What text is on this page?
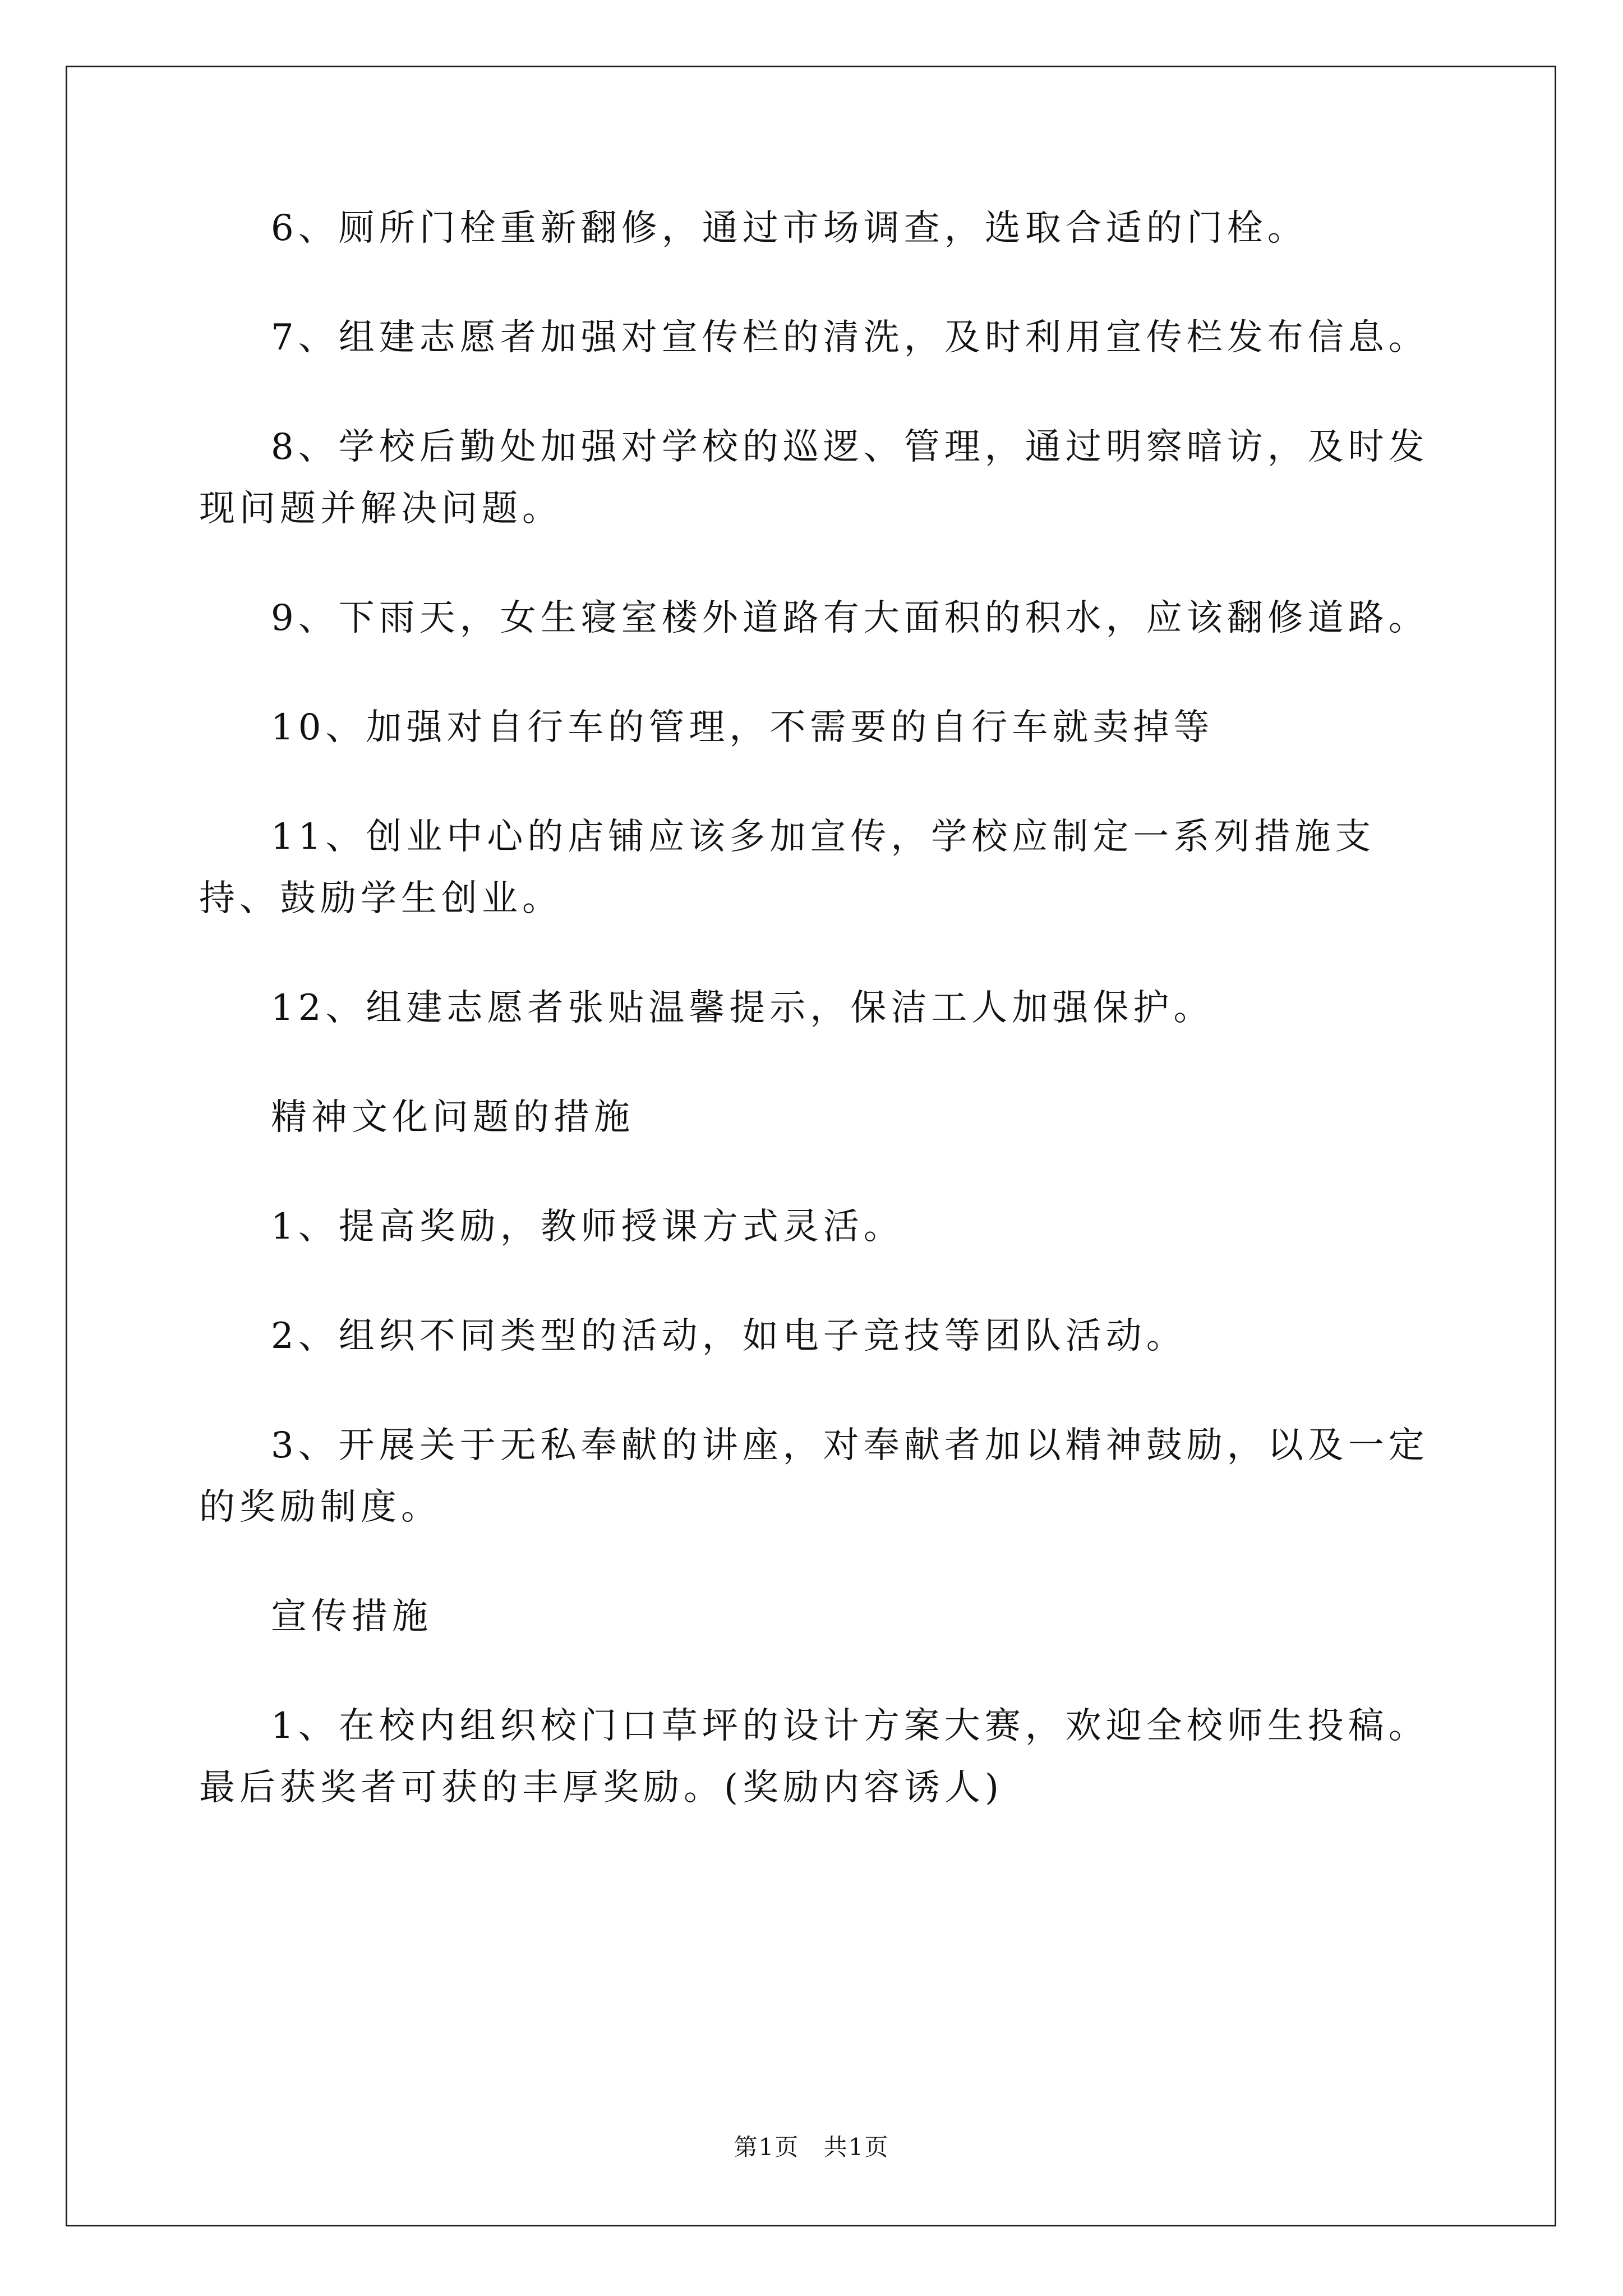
6、厕所门栓重新翻修，通过市场调查，选取合适的门栓。

7、组建志愿者加强对宣传栏的清洗，及时利用宣传栏发布信息。

8、学校后勤处加强对学校的巡逻、管理，通过明察暗访，及时发现问题并解决问题。

9、下雨天，女生寝室楼外道路有大面积的积水，应该翻修道路。

10、加强对自行车的管理，不需要的自行车就卖掉等

11、创业中心的店铺应该多加宣传，学校应制定一系列措施支持、鼓励学生创业。

12、组建志愿者张贴温馨提示，保洁工人加强保护。

精神文化问题的措施

1、提高奖励，教师授课方式灵活。

2、组织不同类型的活动，如电子竞技等团队活动。

3、开展关于无私奉献的讲座，对奉献者加以精神鼓励，以及一定的奖励制度。

宣传措施

1、在校内组织校门口草坪的设计方案大赛，欢迎全校师生投稿。最后获奖者可获的丰厚奖励。(奖励内容诱人)

第1页 共1页
